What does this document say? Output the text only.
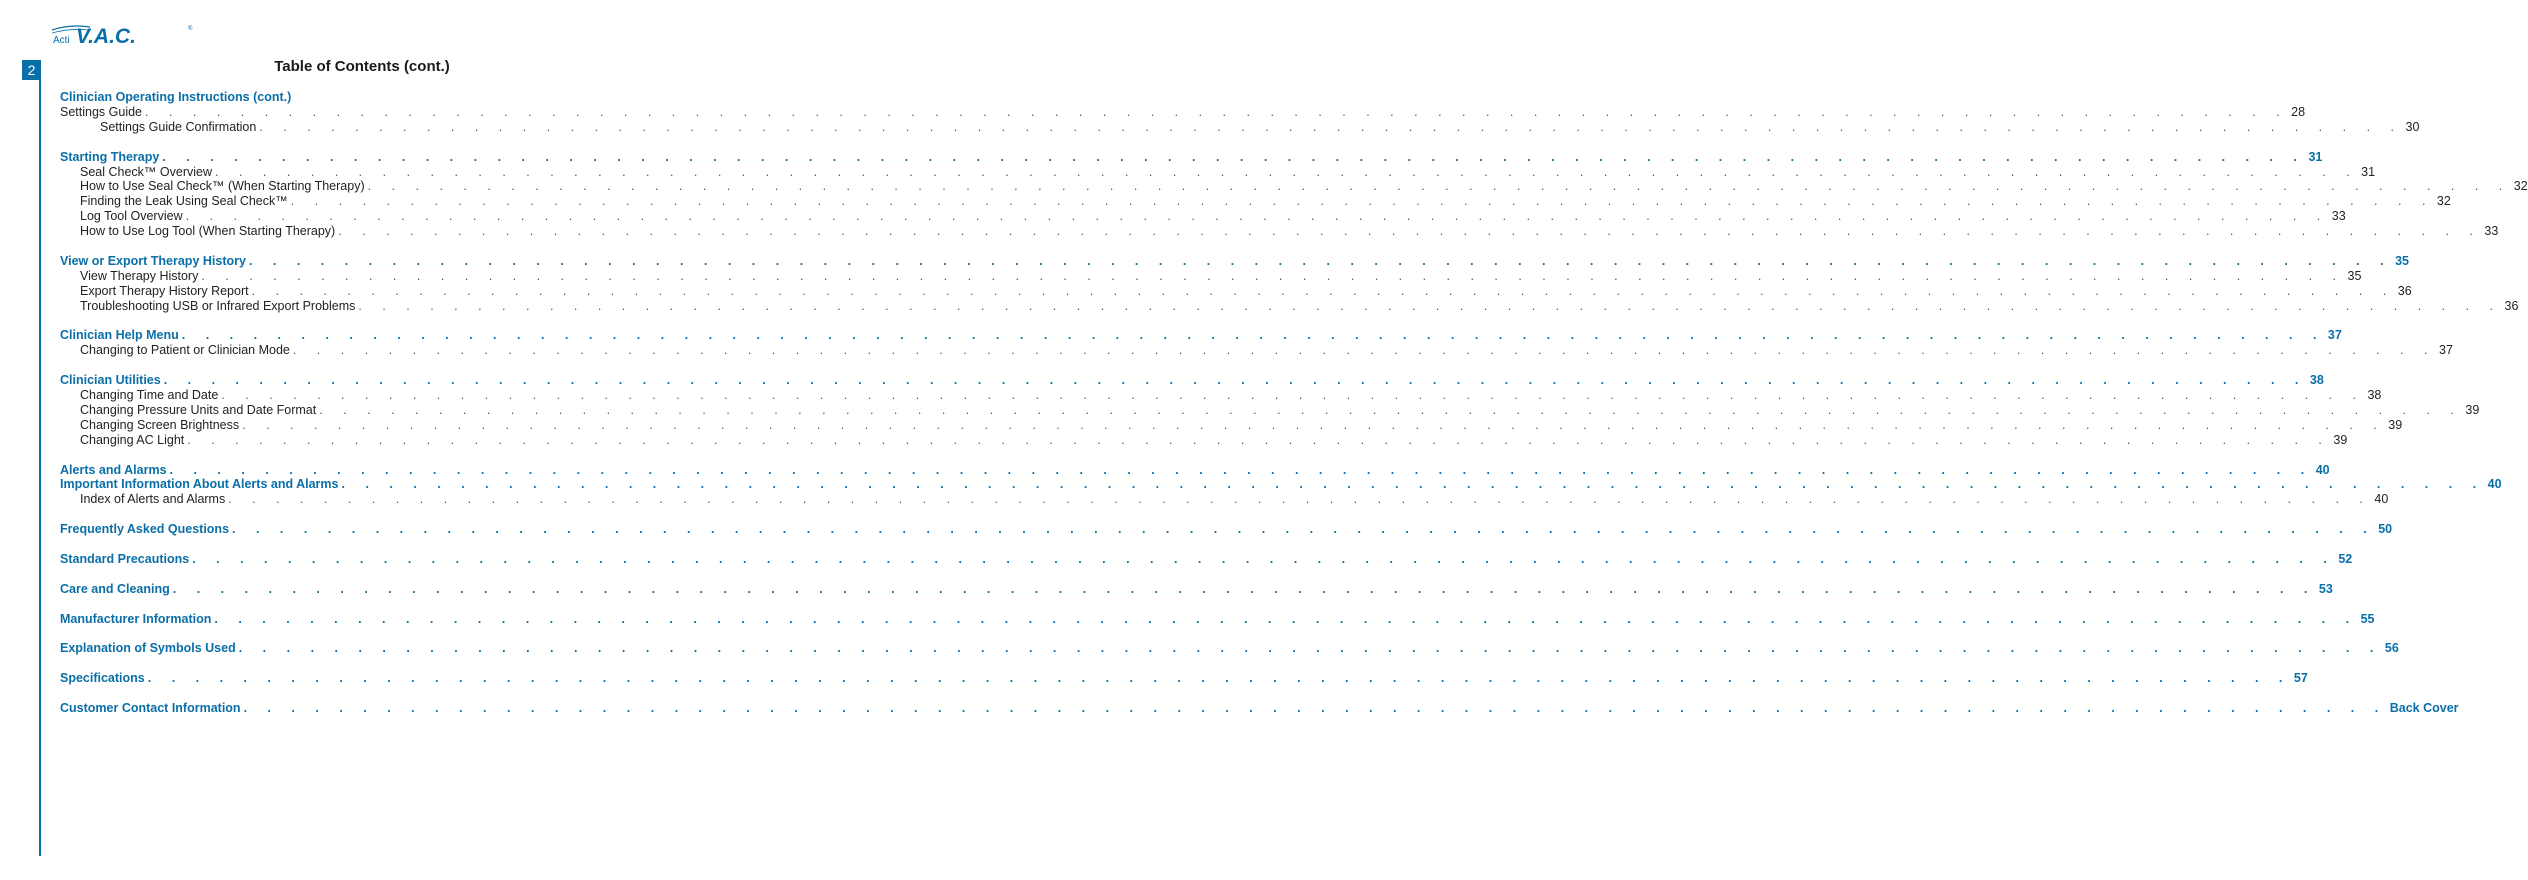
Acti V.A.C.	®
2	Table of Contents (cont.)
Clinician Operating Instructions (cont.)
Settings Guide . . . . . . . . . . . . . . . . . . . . . . . . . . . . . . . . . . . . . . . . . . . . . . . . . . . . . . . . . . . . . . . . . . . . . . . . . . . . . . . . . . . . . . . . . . 28
Settings Guide Confirmation . . . . . . . . . . . . . . . . . . . . . . . . . . . . . . . . . . . . . . . . . . . . . . . . . . . . . . . . . . . . . . . . . . . . . . . . . . . . . . . . . . . . . . . . . . 30
Starting Therapy . . . . . . . . . . . . . . . . . . . . . . . . . . . . . . . . . . . . . . . . . . . . . . . . . . . . . . . . . . . . . . . . . . . . . . . . . . . . . . . . . . . . . . . . . . 31
Seal Check™ Overview . . . . . . . . . . . . . . . . . . . . . . . . . . . . . . . . . . . . . . . . . . . . . . . . . . . . . . . . . . . . . . . . . . . . . . . . . . . . . . . . . . . . . . . . . . 31
How to Use Seal Check™ (When Starting Therapy) . . . . . . . . . . . . . . . . . . . . . . . . . . . . . . . . . . . . . . . . . . . . . . . . . . . . . . . . . . . . . . . . . . . . . . . . . . . . . . . . . . . . . . . . . . 32
Finding the Leak Using Seal Check™ . . . . . . . . . . . . . . . . . . . . . . . . . . . . . . . . . . . . . . . . . . . . . . . . . . . . . . . . . . . . . . . . . . . . . . . . . . . . . . . . . . . . . . . . . . 32
Log Tool Overview . . . . . . . . . . . . . . . . . . . . . . . . . . . . . . . . . . . . . . . . . . . . . . . . . . . . . . . . . . . . . . . . . . . . . . . . . . . . . . . . . . . . . . . . . . 33
How to Use Log Tool (When Starting Therapy) . . . . . . . . . . . . . . . . . . . . . . . . . . . . . . . . . . . . . . . . . . . . . . . . . . . . . . . . . . . . . . . . . . . . . . . . . . . . . . . . . . . . . . . . . . 33
View or Export Therapy History . . . . . . . . . . . . . . . . . . . . . . . . . . . . . . . . . . . . . . . . . . . . . . . . . . . . . . . . . . . . . . . . . . . . . . . . . . . . . . . . . . . . . . . . . . 35
View Therapy History . . . . . . . . . . . . . . . . . . . . . . . . . . . . . . . . . . . . . . . . . . . . . . . . . . . . . . . . . . . . . . . . . . . . . . . . . . . . . . . . . . . . . . . . . . 35
Export Therapy History Report . . . . . . . . . . . . . . . . . . . . . . . . . . . . . . . . . . . . . . . . . . . . . . . . . . . . . . . . . . . . . . . . . . . . . . . . . . . . . . . . . . . . . . . . . . 36
Troubleshooting USB or Infrared Export Problems . . . . . . . . . . . . . . . . . . . . . . . . . . . . . . . . . . . . . . . . . . . . . . . . . . . . . . . . . . . . . . . . . . . . . . . . . . . . . . . . . . . . . . . . . . 36
Clinician Help Menu . . . . . . . . . . . . . . . . . . . . . . . . . . . . . . . . . . . . . . . . . . . . . . . . . . . . . . . . . . . . . . . . . . . . . . . . . . . . . . . . . . . . . . . . . . 37
Changing to Patient or Clinician Mode . . . . . . . . . . . . . . . . . . . . . . . . . . . . . . . . . . . . . . . . . . . . . . . . . . . . . . . . . . . . . . . . . . . . . . . . . . . . . . . . . . . . . . . . . . 37
Clinician Utilities . . . . . . . . . . . . . . . . . . . . . . . . . . . . . . . . . . . . . . . . . . . . . . . . . . . . . . . . . . . . . . . . . . . . . . . . . . . . . . . . . . . . . . . . . . 38
Changing Time and Date . . . . . . . . . . . . . . . . . . . . . . . . . . . . . . . . . . . . . . . . . . . . . . . . . . . . . . . . . . . . . . . . . . . . . . . . . . . . . . . . . . . . . . . . . . 38
Changing Pressure Units and Date Format . . . . . . . . . . . . . . . . . . . . . . . . . . . . . . . . . . . . . . . . . . . . . . . . . . . . . . . . . . . . . . . . . . . . . . . . . . . . . . . . . . . . . . . . . . 39
Changing Screen Brightness . . . . . . . . . . . . . . . . . . . . . . . . . . . . . . . . . . . . . . . . . . . . . . . . . . . . . . . . . . . . . . . . . . . . . . . . . . . . . . . . . . . . . . . . . . 39
Changing AC Light . . . . . . . . . . . . . . . . . . . . . . . . . . . . . . . . . . . . . . . . . . . . . . . . . . . . . . . . . . . . . . . . . . . . . . . . . . . . . . . . . . . . . . . . . . 39
Alerts and Alarms . . . . . . . . . . . . . . . . . . . . . . . . . . . . . . . . . . . . . . . . . . . . . . . . . . . . . . . . . . . . . . . . . . . . . . . . . . . . . . . . . . . . . . . . . . 40
Important Information About Alerts and Alarms . . . . . . . . . . . . . . . . . . . . . . . . . . . . . . . . . . . . . . . . . . . . . . . . . . . . . . . . . . . . . . . . . . . . . . . . . . . . . . . . . . . . . . . . . . 40
Index of Alerts and Alarms . . . . . . . . . . . . . . . . . . . . . . . . . . . . . . . . . . . . . . . . . . . . . . . . . . . . . . . . . . . . . . . . . . . . . . . . . . . . . . . . . . . . . . . . . . 40
Frequently Asked Questions . . . . . . . . . . . . . . . . . . . . . . . . . . . . . . . . . . . . . . . . . . . . . . . . . . . . . . . . . . . . . . . . . . . . . . . . . . . . . . . . . . . . . . . . . . 50
Standard Precautions . . . . . . . . . . . . . . . . . . . . . . . . . . . . . . . . . . . . . . . . . . . . . . . . . . . . . . . . . . . . . . . . . . . . . . . . . . . . . . . . . . . . . . . . . . 52
Care and Cleaning . . . . . . . . . . . . . . . . . . . . . . . . . . . . . . . . . . . . . . . . . . . . . . . . . . . . . . . . . . . . . . . . . . . . . . . . . . . . . . . . . . . . . . . . . . 53
Manufacturer Information . . . . . . . . . . . . . . . . . . . . . . . . . . . . . . . . . . . . . . . . . . . . . . . . . . . . . . . . . . . . . . . . . . . . . . . . . . . . . . . . . . . . . . . . . . 55
Explanation of Symbols Used . . . . . . . . . . . . . . . . . . . . . . . . . . . . . . . . . . . . . . . . . . . . . . . . . . . . . . . . . . . . . . . . . . . . . . . . . . . . . . . . . . . . . . . . . . 56
Specifications . . . . . . . . . . . . . . . . . . . . . . . . . . . . . . . . . . . . . . . . . . . . . . . . . . . . . . . . . . . . . . . . . . . . . . . . . . . . . . . . . . . . . . . . . . 57
Customer Contact Information . . . . . . . . . . . . . . . . . . . . . . . . . . . . . . . . . . . . . . . . . . . . . . . . . . . . . . . . . . . . . . . . . . . . . . . . . . . . . . . . . . . . . . . . . . Back Cover
